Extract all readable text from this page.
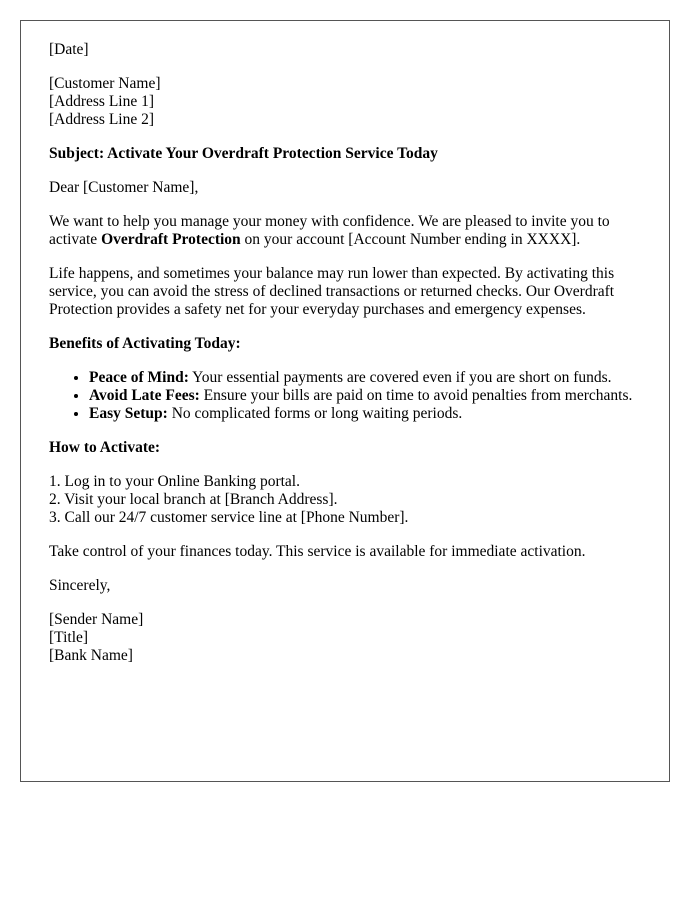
[Date]
[Customer Name]
[Address Line 1]
[Address Line 2]
Subject: Activate Your Overdraft Protection Service Today
Dear [Customer Name],
We want to help you manage your money with confidence. We are pleased to invite you to activate Overdraft Protection on your account [Account Number ending in XXXX].
Life happens, and sometimes your balance may run lower than expected. By activating this service, you can avoid the stress of declined transactions or returned checks. Our Overdraft Protection provides a safety net for your everyday purchases and emergency expenses.
Benefits of Activating Today:
• Peace of Mind: Your essential payments are covered even if you are short on funds.
• Avoid Late Fees: Ensure your bills are paid on time to avoid penalties from merchants.
• Easy Setup: No complicated forms or long waiting periods.
How to Activate:
1. Log in to your Online Banking portal.
2. Visit your local branch at [Branch Address].
3. Call our 24/7 customer service line at [Phone Number].
Take control of your finances today. This service is available for immediate activation.
Sincerely,
[Sender Name]
[Title]
[Bank Name]
